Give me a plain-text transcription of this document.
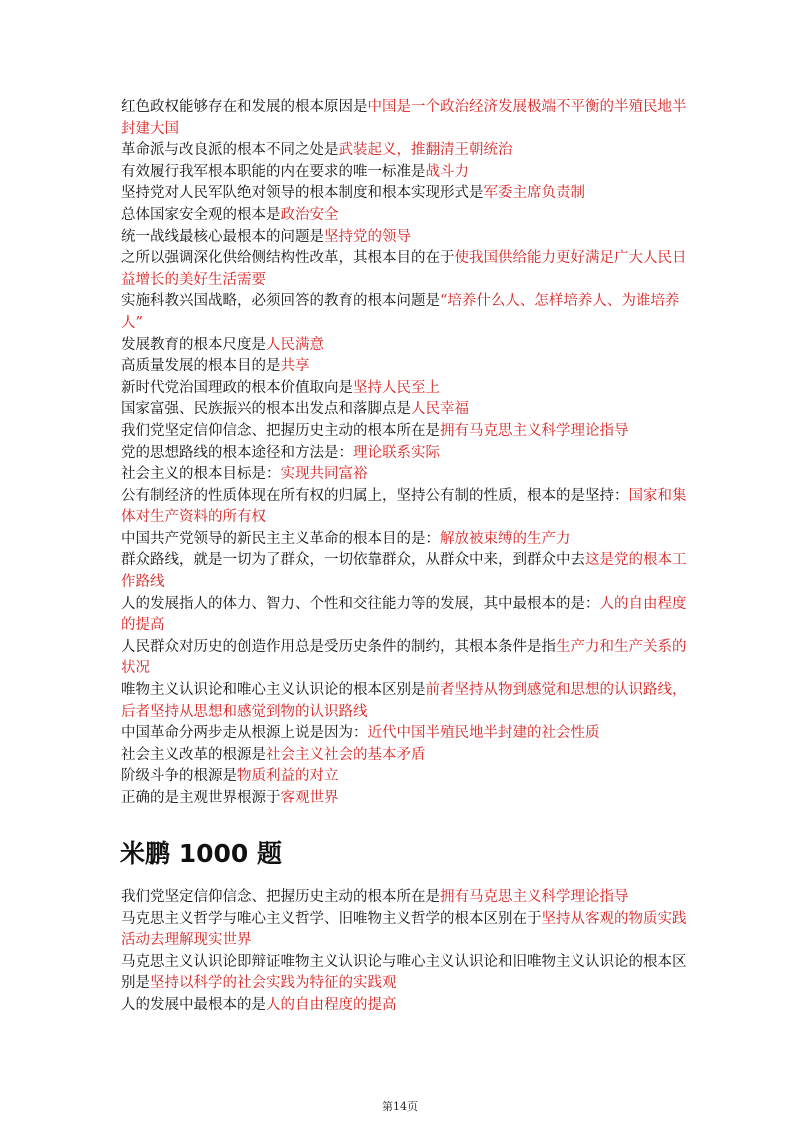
红色政权能够存在和发展的根本原因是中国是一个政治经济发展极端不平衡的半殖民地半封建大国

革命派与改良派的根本不同之处是武装起义，推翻清王朝统治

有效履行我军根本职能的内在要求的唯一标准是战斗力

坚持党对人民军队绝对领导的根本制度和根本实现形式是军委主席负责制

总体国家安全观的根本是政治安全

统一战线最核心最根本的问题是坚持党的领导

之所以强调深化供给侧结构性改革，其根本目的在于使我国供给能力更好满足广大人民日益增长的美好生活需要

实施科教兴国战略，必须回答的教育的根本问题是“培养什么人、怎样培养人、为谁培养人”

发展教育的根本尺度是人民满意

高质量发展的根本目的是共享

新时代党治国理政的根本价值取向是坚持人民至上

国家富强、民族振兴的根本出发点和落脚点是人民幸福

我们党坚定信仰信念、把握历史主动的根本所在是拥有马克思主义科学理论指导

党的思想路线的根本途径和方法是：理论联系实际

社会主义的根本目标是：实现共同富裕

公有制经济的性质体现在所有权的归属上，坚持公有制的性质，根本的是坚持：国家和集体对生产资料的所有权

中国共产党领导的新民主主义革命的根本目的是：解放被束缚的生产力

群众路线，就是一切为了群众，一切依靠群众，从群众中来，到群众中去这是党的根本工作路线

人的发展指人的体力、智力、个性和交往能力等的发展，其中最根本的是：人的自由程度的提高

人民群众对历史的创造作用总是受历史条件的制约，其根本条件是指生产力和生产关系的状况

唯物主义认识论和唯心主义认识论的根本区别是前者坚持从物到感觉和思想的认识路线，后者坚持从思想和感觉到物的认识路线

中国革命分两步走从根源上说是因为：近代中国半殖民地半封建的社会性质

社会主义改革的根源是社会主义社会的基本矛盾

阶级斗争的根源是物质利益的对立

正确的是主观世界根源于客观世界

米鹏 1000 题

我们党坚定信仰信念、把握历史主动的根本所在是拥有马克思主义科学理论指导

马克思主义哲学与唯心主义哲学、旧唯物主义哲学的根本区别在于坚持从客观的物质实践活动去理解现实世界

马克思主义认识论即辩证唯物主义认识论与唯心主义认识论和旧唯物主义认识论的根本区别是坚持以科学的社会实践为特征的实践观

人的发展中最根本的是人的自由程度的提高

第14页
